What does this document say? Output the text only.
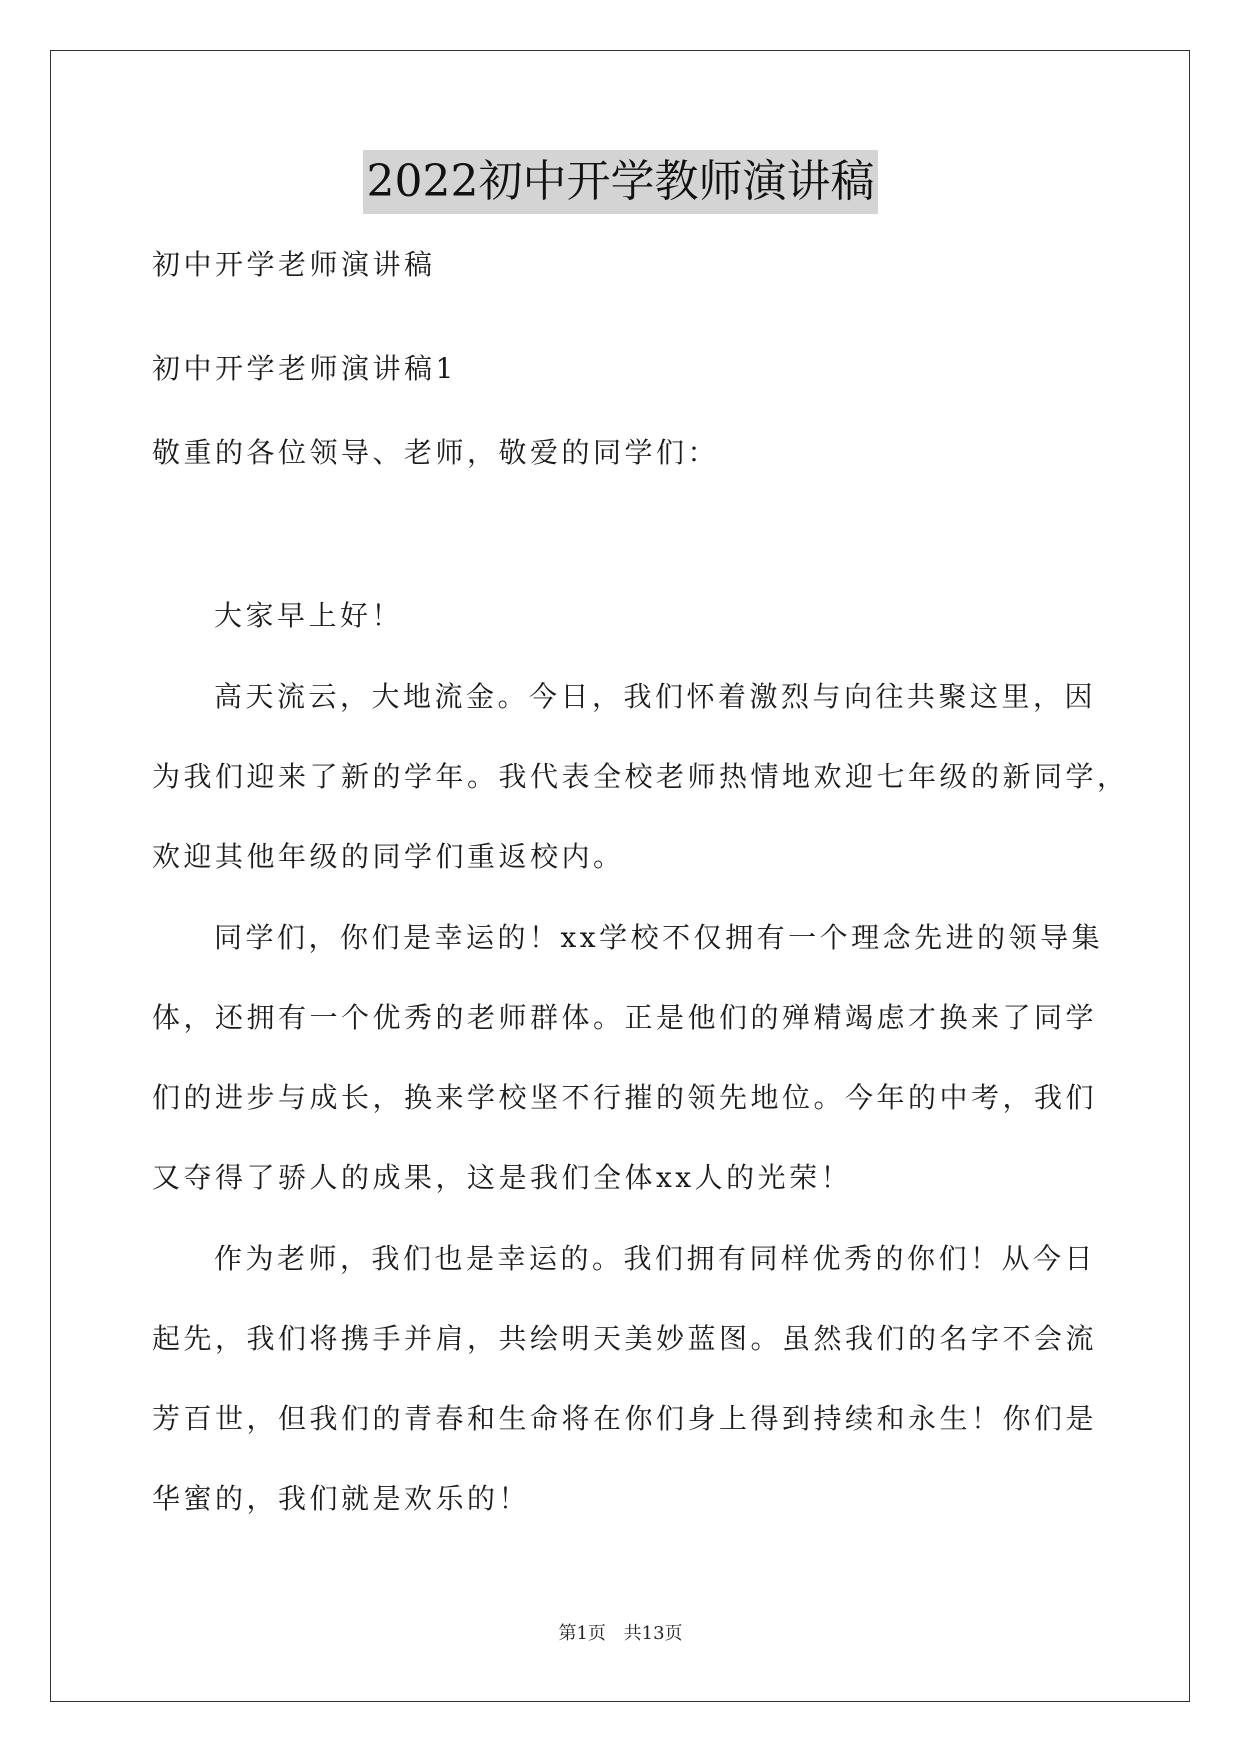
2022初中开学教师演讲稿
初中开学老师演讲稿
初中开学老师演讲稿1
敬重的各位领导、老师，敬爱的同学们：
大家早上好！
高天流云，大地流金。今日，我们怀着激烈与向往共聚这里，因
为我们迎来了新的学年。我代表全校老师热情地欢迎七年级的新同学，
欢迎其他年级的同学们重返校内。
同学们，你们是幸运的！xx学校不仅拥有一个理念先进的领导集
体，还拥有一个优秀的老师群体。正是他们的殚精竭虑才换来了同学
们的进步与成长，换来学校坚不行摧的领先地位。今年的中考，我们
又夺得了骄人的成果，这是我们全体xx人的光荣！
作为老师，我们也是幸运的。我们拥有同样优秀的你们！从今日
起先，我们将携手并肩，共绘明天美妙蓝图。虽然我们的名字不会流
芳百世，但我们的青春和生命将在你们身上得到持续和永生！你们是
华蜜的，我们就是欢乐的！
第1页 共13页
